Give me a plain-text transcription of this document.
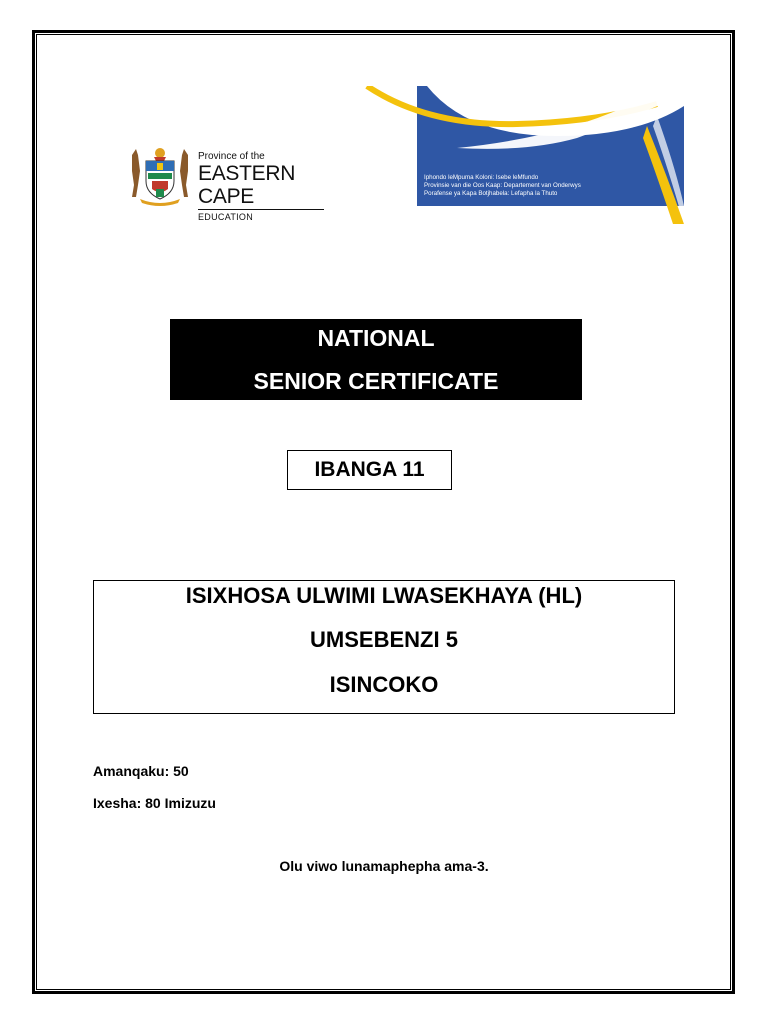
Province of the
EASTERN CAPE
EDUCATION
Iphondo leMpuma Koloni: Isebe leMfundo
Provinsie van die Oos Kaap: Departement van Onderwys
Porafense ya Kapa Botjhabela: Lefapha la Thuto
NATIONAL
SENIOR CERTIFICATE
IBANGA 11
ISIXHOSA ULWIMI LWASEKHAYA (HL)
UMSEBENZI 5
ISINCOKO
Amanqaku: 50
Ixesha: 80 Imizuzu
Olu viwo lunamaphepha ama-3.
